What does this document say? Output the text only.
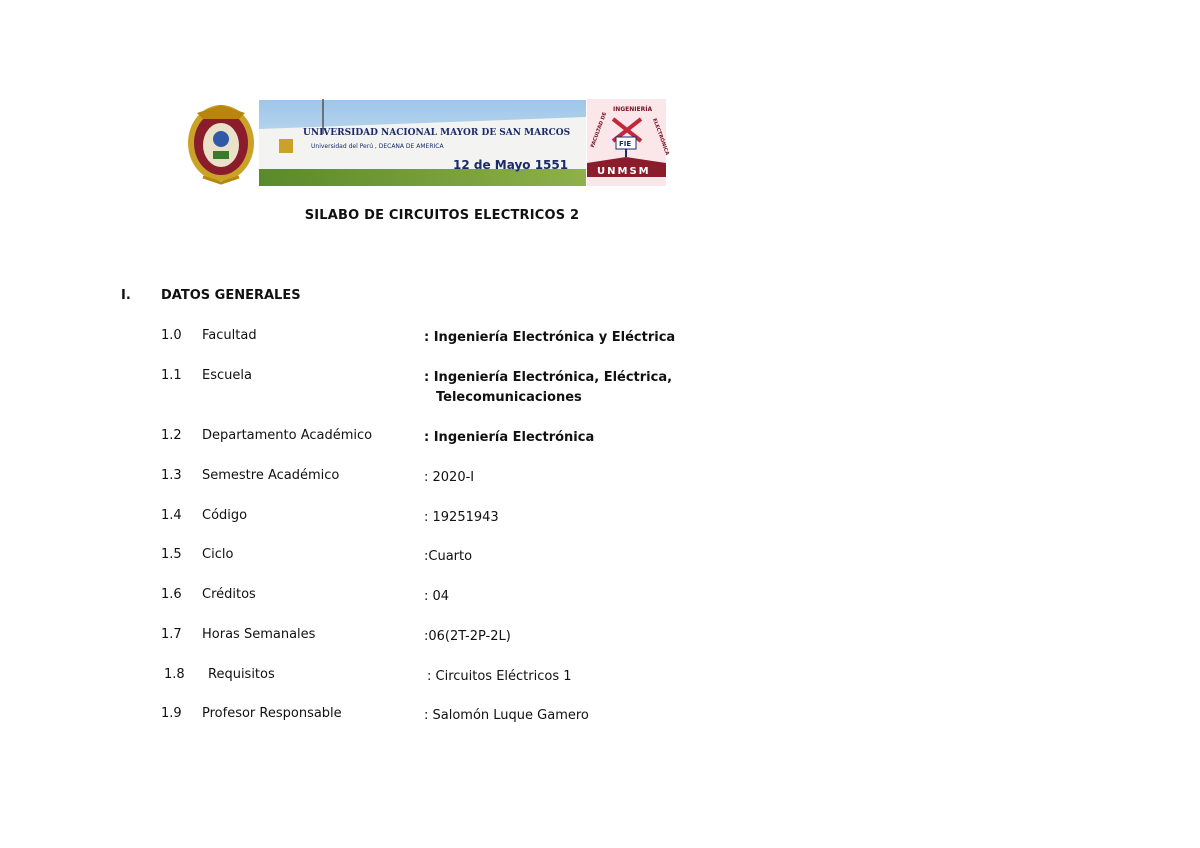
UNIVERSIDAD NACIONAL MAYOR DE SAN MARCOS
Universidad del Perú , DECANA DE AMERICA
12 de Mayo 1551
INGENIERÍA
FACULTAD DE	ELECTRÓNICA
FIE
UNMSM
SILABO DE CIRCUITOS ELECTRICOS 2
I.	DATOS GENERALES
1.0 Facultad	: Ingeniería Electrónica y Eléctrica
1.1 Escuela	: Ingeniería Electrónica, Eléctrica,
Telecomunicaciones
1.2 Departamento Académico	: Ingeniería Electrónica
1.3 Semestre Académico	: 2020-I
1.4 Código	: 19251943
1.5 Ciclo	:Cuarto
1.6 Créditos	: 04
1.7 Horas Semanales	:06(2T-2P-2L)
1.8 Requisitos	: Circuitos Eléctricos 1
1.9 Profesor Responsable	: Salomón Luque Gamero
